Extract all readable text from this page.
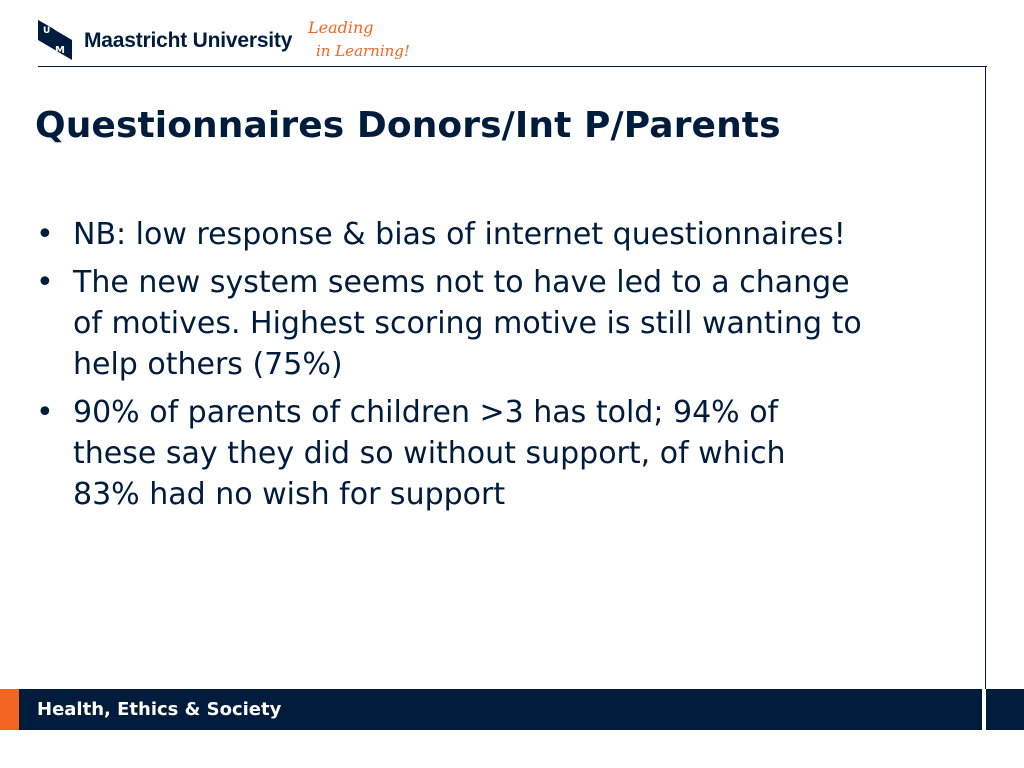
U
M Maastricht University
Leading
in Learning!
Questionnaires Donors/Int P/Parents
• NB: low response & bias of internet questionnaires!
• The new system seems not to have led to a change
of motives. Highest scoring motive is still wanting to
help others (75%)
• 90% of parents of children >3 has told; 94% of
these say they did so without support, of which
83% had no wish for support
Health, Ethics & Society
